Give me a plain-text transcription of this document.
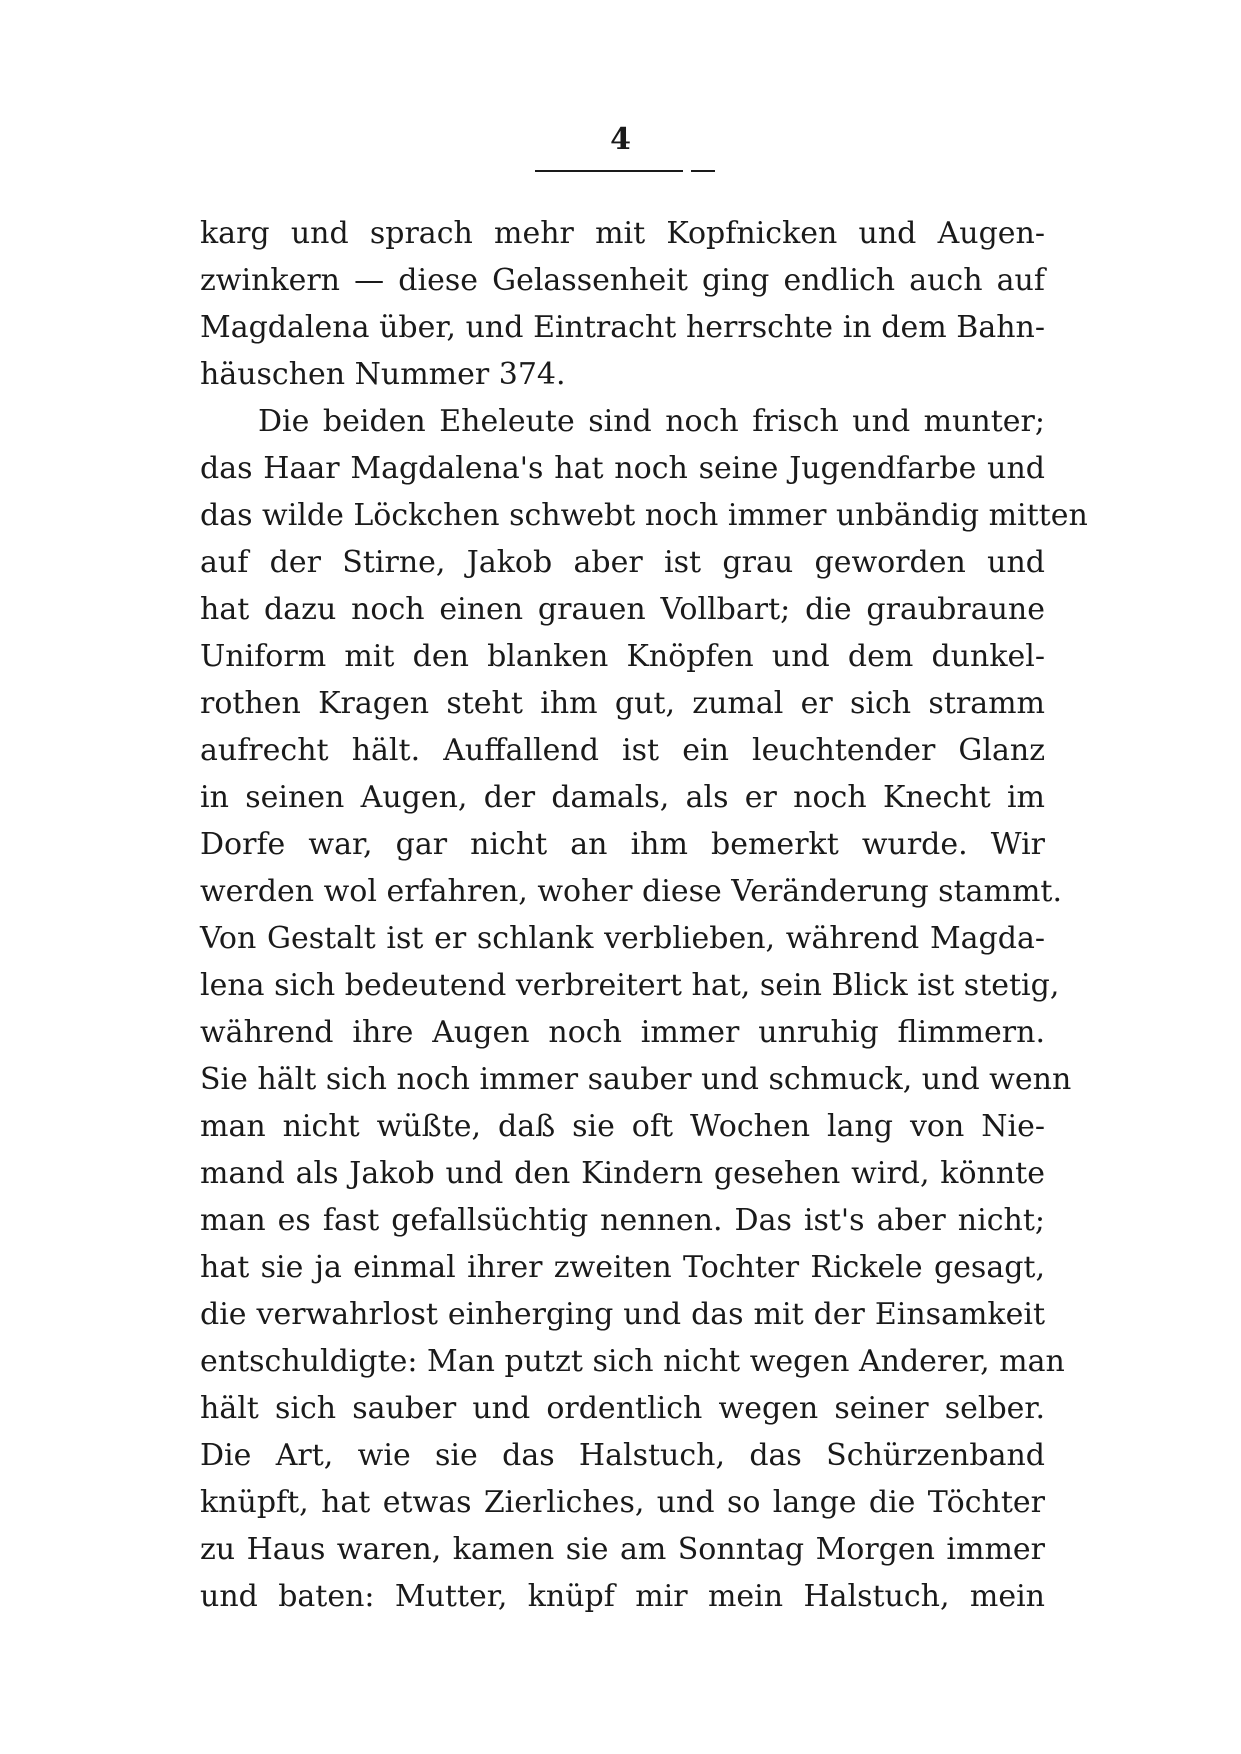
4
karg und sprach mehr mit Kopfnicken und Augen-
zwinkern — diese Gelassenheit ging endlich auch auf
Magdalena über, und Eintracht herrschte in dem Bahn-
häuschen Nummer 374.
Die beiden Eheleute sind noch frisch und munter;
das Haar Magdalena's hat noch seine Jugendfarbe und
das wilde Löckchen schwebt noch immer unbändig mitten
auf der Stirne, Jakob aber ist grau geworden und
hat dazu noch einen grauen Vollbart; die graubraune
Uniform mit den blanken Knöpfen und dem dunkel-
rothen Kragen steht ihm gut, zumal er sich stramm
aufrecht hält. Auffallend ist ein leuchtender Glanz
in seinen Augen, der damals, als er noch Knecht im
Dorfe war, gar nicht an ihm bemerkt wurde. Wir
werden wol erfahren, woher diese Veränderung stammt.
Von Gestalt ist er schlank verblieben, während Magda-
lena sich bedeutend verbreitert hat, sein Blick ist stetig,
während ihre Augen noch immer unruhig flimmern.
Sie hält sich noch immer sauber und schmuck, und wenn
man nicht wüßte, daß sie oft Wochen lang von Nie-
mand als Jakob und den Kindern gesehen wird, könnte
man es fast gefallsüchtig nennen. Das ist's aber nicht;
hat sie ja einmal ihrer zweiten Tochter Rickele gesagt,
die verwahrlost einherging und das mit der Einsamkeit
entschuldigte: Man putzt sich nicht wegen Anderer, man
hält sich sauber und ordentlich wegen seiner selber.
Die Art, wie sie das Halstuch, das Schürzenband
knüpft, hat etwas Zierliches, und so lange die Töchter
zu Haus waren, kamen sie am Sonntag Morgen immer
und baten: Mutter, knüpf mir mein Halstuch, mein
